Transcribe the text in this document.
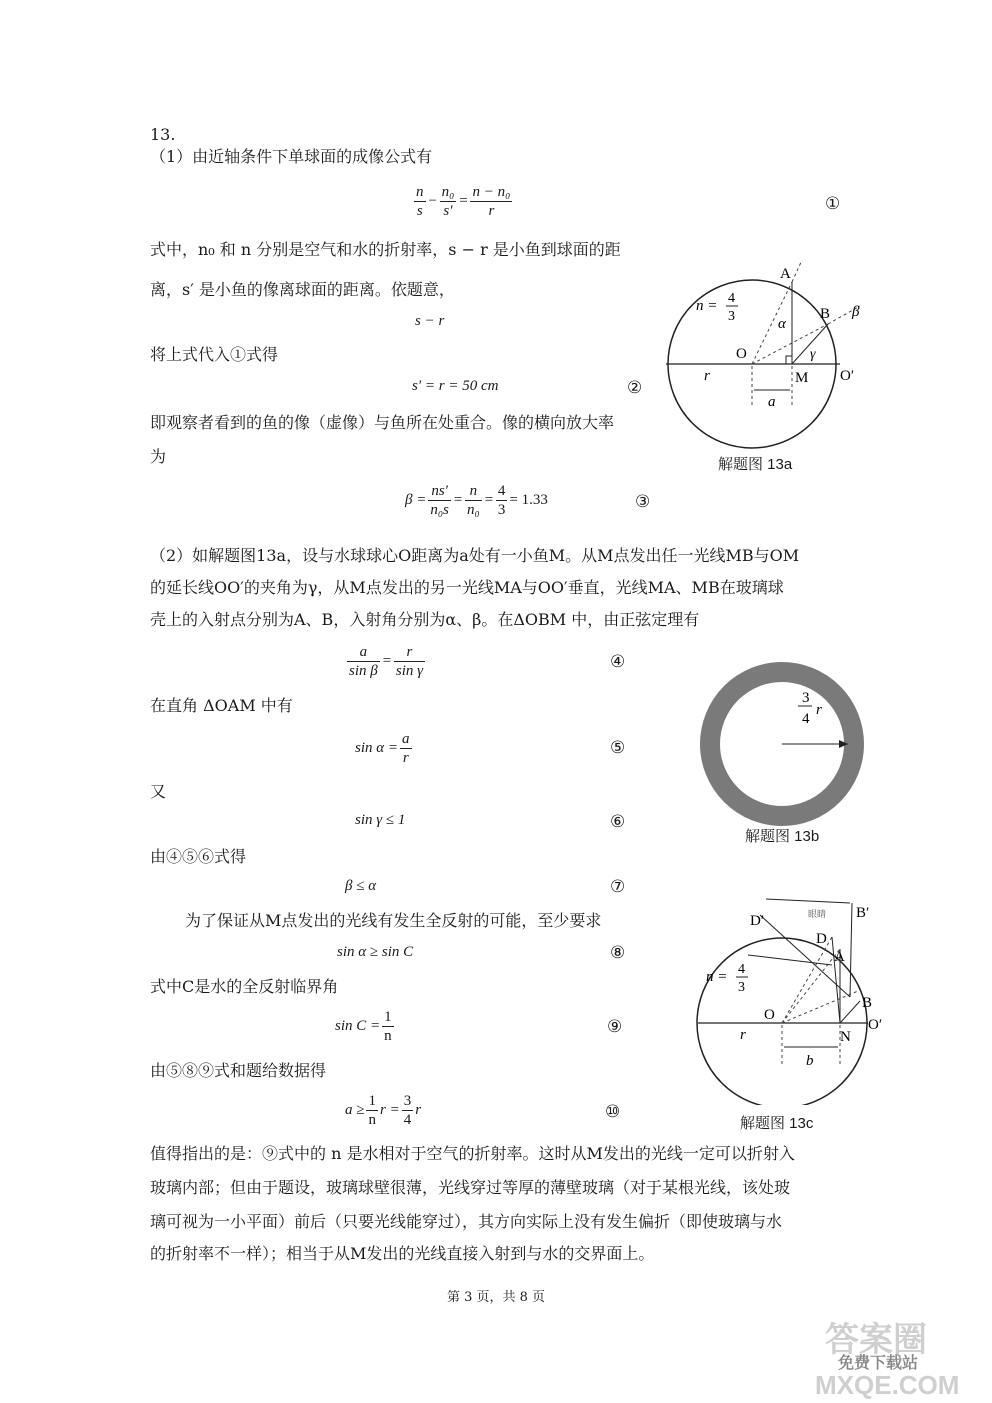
13.
（1）由近轴条件下单球面的成像公式有
$\frac{n}{s} - \frac{\text{n₀}}{s'} = \frac{\text{n − n₀}}{r}$	①
式中，n₀ 和 n 分别是空气和水的折射率，s − r 是小鱼到球面的距
离，s′ 是小鱼的像离球面的距离。依题意，
s − r
将上式代入①式得
s′ = r = 50 cm	②
即观察者看到的鱼的像（虚像）与鱼所在处重合。像的横向放大率
为
$\beta = \frac{ns'}{\text{n₀s}} = \frac{n}{\text{n₀}} = \frac{4}{3} = 1.33$	③
（2）如解题图13a，设与水球球心O距离为a处有一小鱼M。从M点发出任一光线MB与OM
的延长线OO′的夹角为γ，从M点发出的另一光线MA与OO′垂直，光线MA、MB在玻璃球
壳上的入射点分别为A、B，入射角分别为α、β。在ΔOBM 中，由正弦定理有
$\frac{a}{\text{sin β}} = \frac{r}{\text{sin γ}}$	④
在直角 ΔOAM 中有
$\sin \alpha = \frac{a}{r}$	⑤
又
sin γ ≤ 1	⑥
由④⑤⑥式得
β ≤ α	⑦
为了保证从M点发出的光线有发生全反射的可能，至少要求
sin α ≥ sin C	⑧
式中C是水的全反射临界角
$\sin C = \frac{1}{n}$	⑨
由⑤⑧⑨式和题给数据得
$a \ge \frac{1}{n}$ $r = \frac{3}{4}$ r	⑩
值得指出的是：⑨式中的 n 是水相对于空气的折射率。这时从M发出的光线一定可以折射入
玻璃内部；但由于题设，玻璃球壁很薄，光线穿过等厚的薄壁玻璃（对于某根光线，该处玻
璃可视为一小平面）前后（只要光线能穿过），其方向实际上没有发生偏折（即使玻璃与水
的折射率不一样）；相当于从M发出的光线直接入射到与水的交界面上。
n = 4
3
A
B
O
M O′
r
a
α
β
γ
解题图 13a
3
4
r
解题图 13b
眼睛
n = 4
3
D′
D
A
B
B′
O
N
O′
r
b
解题图 13c
第 3 页，共 8 页
答案圈
免费下载站
MXQE.COM
